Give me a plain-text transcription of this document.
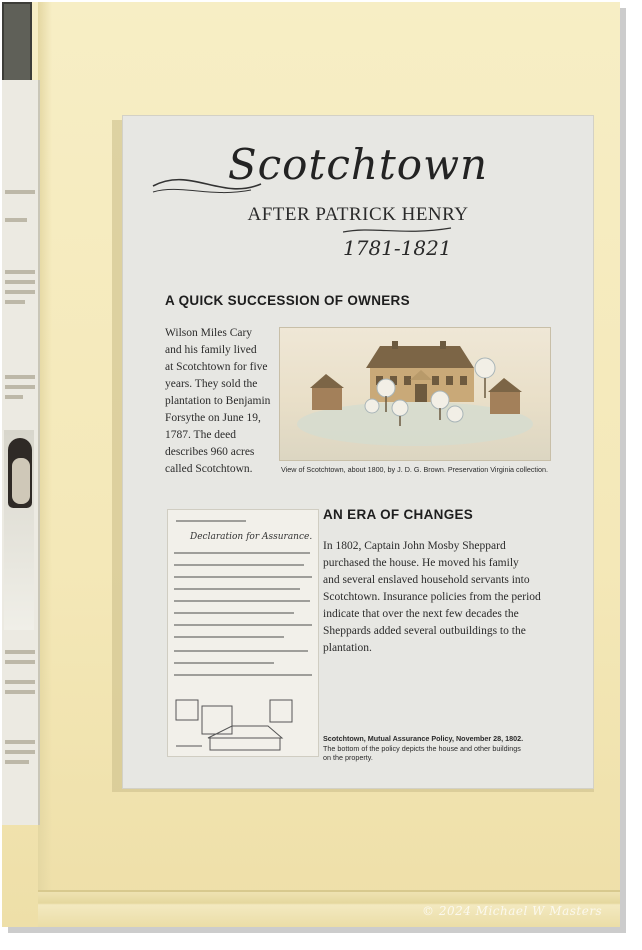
Scotchtown
AFTER PATRICK HENRY
1781-1821
A QUICK SUCCESSION OF OWNERS
Wilson Miles Cary
and his family lived
at Scotchtown for five
years. They sold the
plantation to Benjamin
Forsythe on June 19,
1787. The deed
describes 960 acres
called Scotchtown.	View of Scotchtown, about 1800, by J. D. G. Brown. Preservation Virginia collection.
Declaration for Assurance.
AN ERA OF CHANGES
In 1802, Captain John Mosby Sheppard
purchased the house. He moved his family
and several enslaved household servants into
Scotchtown. Insurance policies from the period
indicate that over the next few decades the
Sheppards added several outbuildings to the
plantation.
Scotchtown, Mutual Assurance Policy, November 28, 1802.
The bottom of the policy depicts the house and other buildings
on the property.
© 2024 Michael W Masters
